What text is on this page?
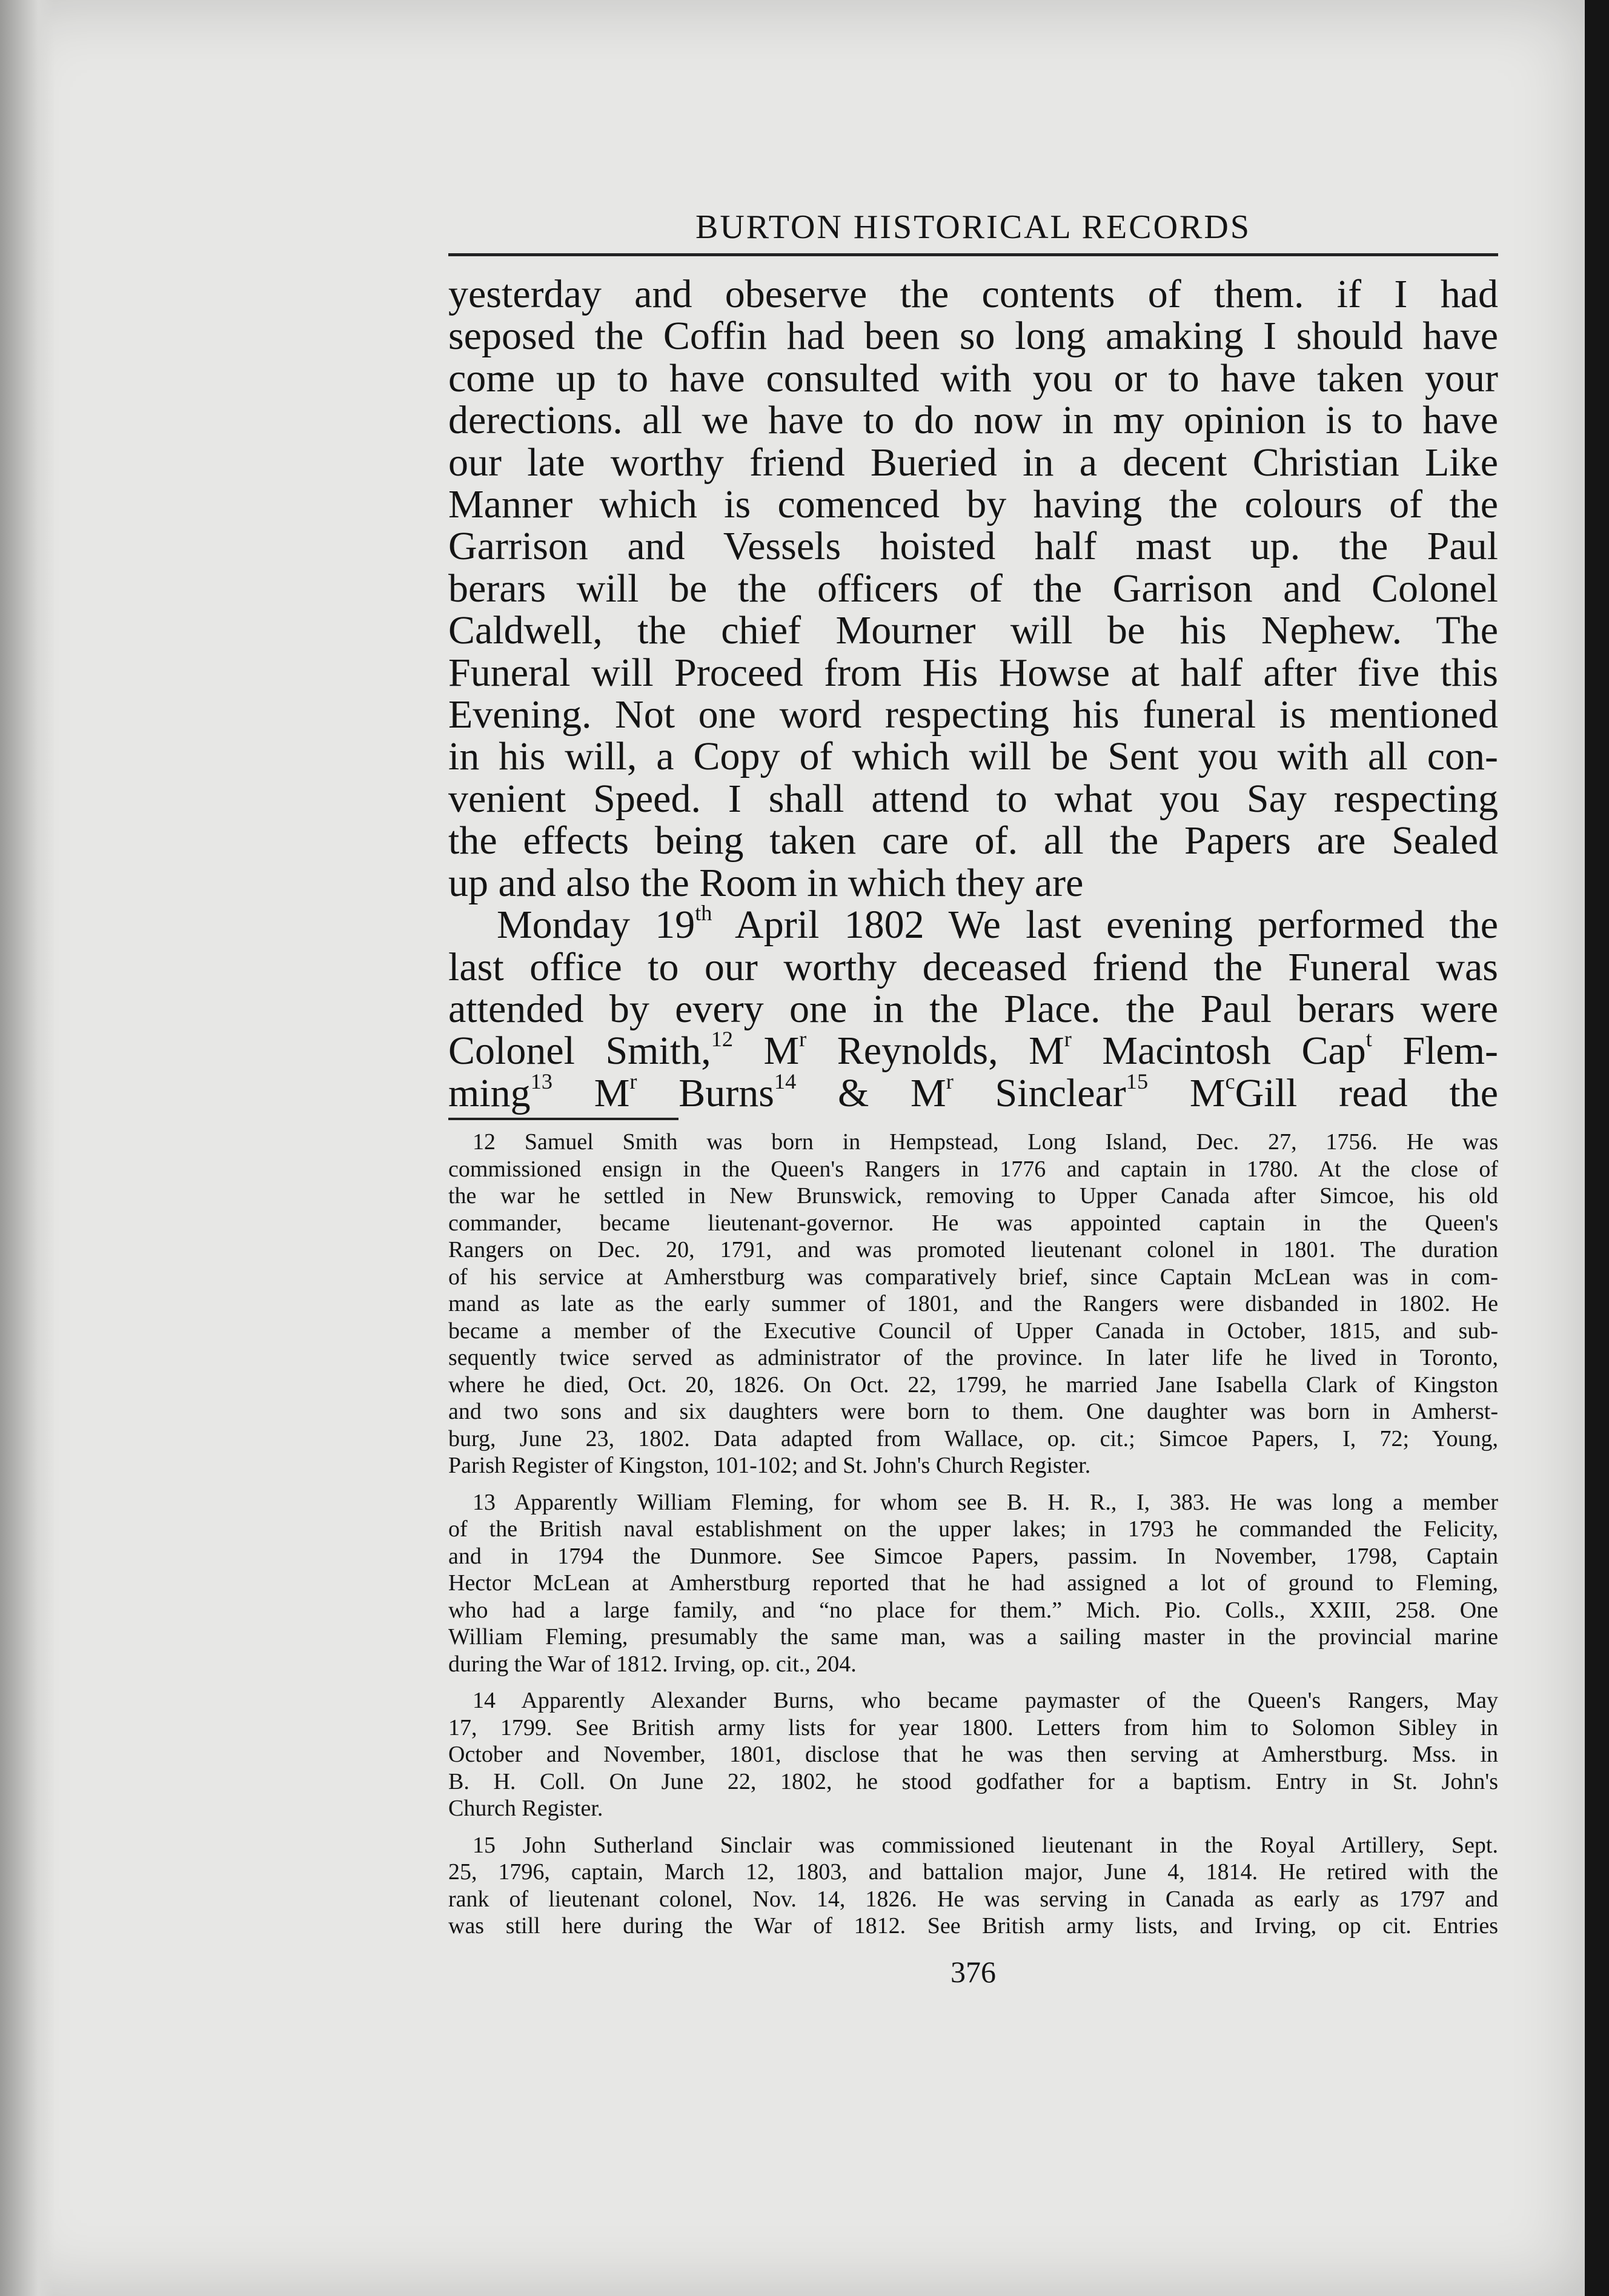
BURTON HISTORICAL RECORDS
yesterday and obeserve the contents of them. if I had
seposed the Coffin had been so long amaking I should have
come up to have consulted with you or to have taken your
derections. all we have to do now in my opinion is to have
our late worthy friend Bueried in a decent Christian Like
Manner which is comenced by having the colours of the
Garrison and Vessels hoisted half mast up. the Paul
berars will be the officers of the Garrison and Colonel
Caldwell, the chief Mourner will be his Nephew. The
Funeral will Proceed from His Howse at half after five this
Evening. Not one word respecting his funeral is mentioned
in his will, a Copy of which will be Sent you with all con-
venient Speed. I shall attend to what you Say respecting
the effects being taken care of. all the Papers are Sealed
up and also the Room in which they are
Monday 19th April 1802 We last evening performed the
last office to our worthy deceased friend the Funeral was
attended by every one in the Place. the Paul berars were
Colonel Smith,$^{12}$ $M^r$ Reynolds, $M^r$ Macintosh Cap$^t$ Flem-
ming$^{13}$ $M^r$ Burns$^{14}$ & $M^r$ Sinclear$^{15}$ $M^cGill$ read the
12 Samuel Smith was born in Hempstead, Long Island, Dec. 27, 1756. He was
commissioned ensign in the Queen's Rangers in 1776 and captain in 1780. At the close of
the war he settled in New Brunswick, removing to Upper Canada after Simcoe, his old
commander, became lieutenant-governor. He was appointed captain in the Queen's
Rangers on Dec. 20, 1791, and was promoted lieutenant colonel in 1801. The duration
of his service at Amherstburg was comparatively brief, since Captain McLean was in com-
mand as late as the early summer of 1801, and the Rangers were disbanded in 1802. He
became a member of the Executive Council of Upper Canada in October, 1815, and sub-
sequently twice served as administrator of the province. In later life he lived in Toronto,
where he died, Oct. 20, 1826. On Oct. 22, 1799, he married Jane Isabella Clark of Kingston
and two sons and six daughters were born to them. One daughter was born in Amherst-
burg, June 23, 1802. Data adapted from Wallace, op. cit.; Simcoe Papers, I, 72; Young,
Parish Register of Kingston, 101-102; and St. John's Church Register.
13 Apparently William Fleming, for whom see B. H. R., I, 383. He was long a member
of the British naval establishment on the upper lakes; in 1793 he commanded the Felicity,
and in 1794 the Dunmore. See Simcoe Papers, passim. In November, 1798, Captain
Hector McLean at Amherstburg reported that he had assigned a lot of ground to Fleming,
who had a large family, and “no place for them.” Mich. Pio. Colls., XXIII, 258. One
William Fleming, presumably the same man, was a sailing master in the provincial marine
during the War of 1812. Irving, op. cit., 204.
14 Apparently Alexander Burns, who became paymaster of the Queen's Rangers, May
17, 1799. See British army lists for year 1800. Letters from him to Solomon Sibley in
October and November, 1801, disclose that he was then serving at Amherstburg. Mss. in
B. H. Coll. On June 22, 1802, he stood godfather for a baptism. Entry in St. John's
Church Register.
15 John Sutherland Sinclair was commissioned lieutenant in the Royal Artillery, Sept.
25, 1796, captain, March 12, 1803, and battalion major, June 4, 1814. He retired with the
rank of lieutenant colonel, Nov. 14, 1826. He was serving in Canada as early as 1797 and
was still here during the War of 1812. See British army lists, and Irving, op cit. Entries
376
